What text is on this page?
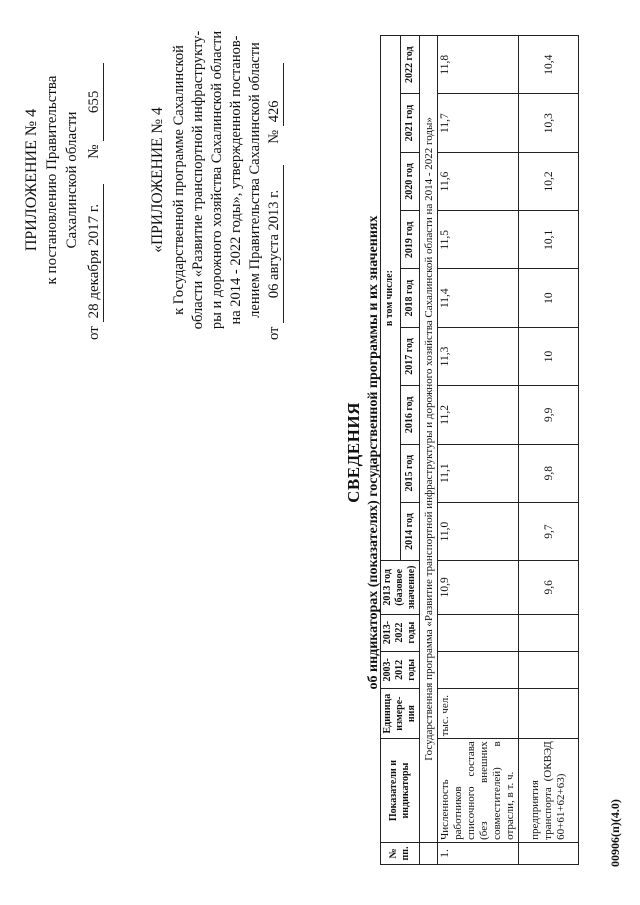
ПРИЛОЖЕНИЕ № 4 к постановлению Правительства Сахалинской области
от 28 декабря 2017 г.  № 655
«ПРИЛОЖЕНИЕ № 4 к Государственной программе Сахалинской области «Развитие транспортной инфраструкту- ры и дорожного хозяйства Сахалинской области на 2014 - 2022 годы», утвержденной постанов- лением Правительства Сахалинской области
от 06 августа 2013 г.  № 426
СВЕДЕНИЯ об индикаторах (показателях) государственной программы и их значениях
№ пп.	Показатели и индикаторы	Единица измере-ния	2003-2012 годы	2013-2022 годы	2013 год (базовое значение)	в том числе:								
						2014 год	2015 год	2016 год	2017 год	2018 год	2019 год	2020 год	2021 год	2022 год
	Государственная программа «Развитие транспортной инфраструктуры и дорожного хозяйства Сахалинской области на 2014 - 2022 годы»													
1.	Численность работников списочного состава (без внешних совместителей) в отрасли, в т. ч.	тыс. чел.			10,9	11,0	11,1	11,2	11,3	11,4	11,5	11,6	11,7	11,8
	предприятия транспорта (ОКВЭД 60+61+62+63)				9,6	9,7	9,8	9,9	10	10	10,1	10,2	10,3	10,4
00906(п)(4.0)
